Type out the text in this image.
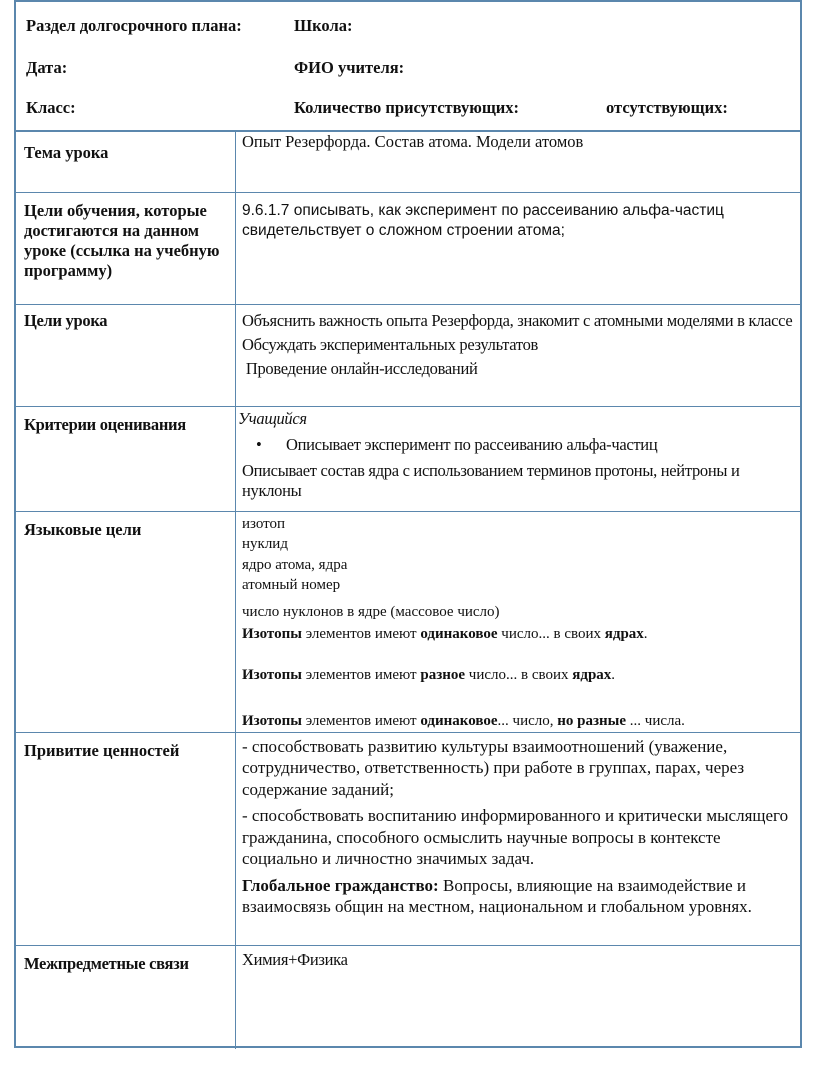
Раздел долгосрочного плана:	Школа:
Дата:	ФИО учителя:
Класс:	Количество присутствующих:	отсутствующих:
Тема урока	Опыт Резерфорда. Состав атома. Модели атомов

Цели обучения, которые достигаются на данном уроке (ссылка на учебную программу)	9.6.1.7 описывать, как эксперимент по рассеиванию альфа-частиц свидетельствует о сложном строении атома;

Цели урока	Объяснить важность опыта Резерфорда, знакомит с атомными моделями в классе

Обсуждать экспериментальных результатов

Проведение онлайн-исследований

Критерии оценивания	Учащийся

• Описывает эксперимент по рассеиванию альфа-частиц

Описывает состав ядра с использованием терминов протоны, нейтроны и нуклоны

Языковые цели	изотоп

нуклид

ядро атома, ядра

атомный номер

число нуклонов в ядре (массовое число)

Изотопы элементов имеют одинаковое число... в своих ядрах.

Изотопы элементов имеют разное число... в своих ядрах.

Изотопы элементов имеют одинаковое... число, но разные ... числа.

Привитие ценностей	- способствовать развитию культуры взаимоотношений (уважение, сотрудничество, ответственность) при работе в группах, парах, через содержание заданий;

- способствовать воспитанию информированного и критически мыслящего гражданина, способного осмыслить научные вопросы в контексте социально и личностно значимых задач.

Глобальное гражданство: Вопросы, влияющие на взаимодействие и взаимосвязь общин на местном, национальном и глобальном уровнях.

Межпредметные связи	Химия+Физика
